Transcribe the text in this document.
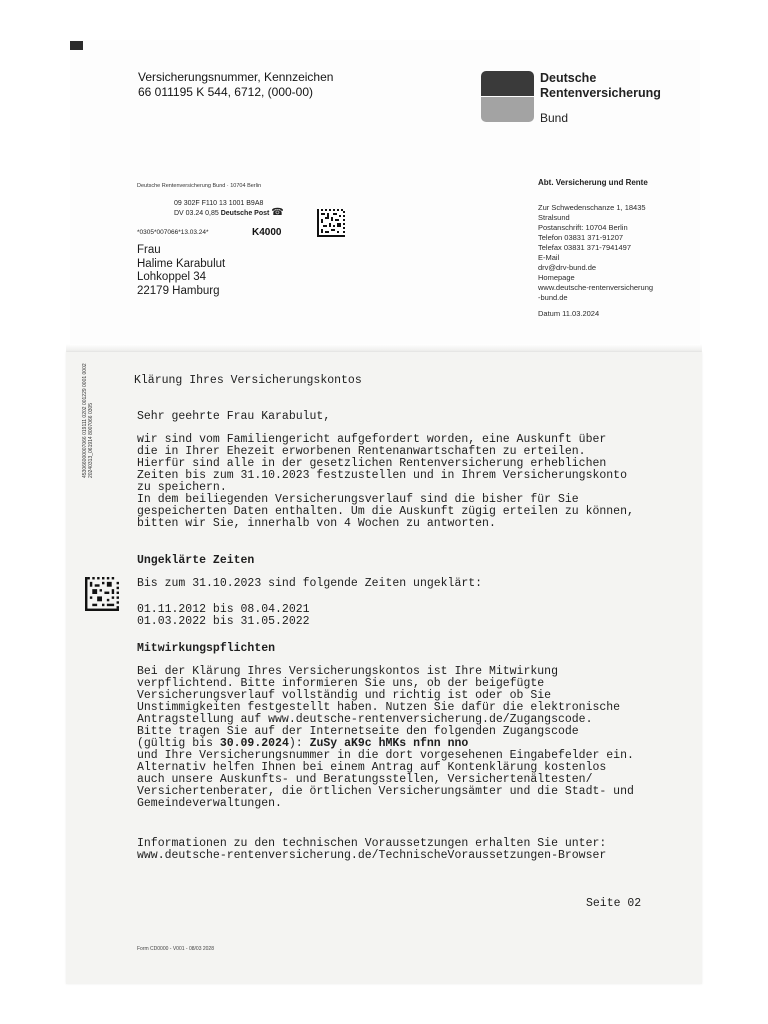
Versicherungsnummer, Kennzeichen
66 011195 K 544, 6712, (000-00)
Deutsche
Rentenversicherung
Bund
Deutsche Rentenversicherung Bund · 10704 Berlin
09 302F F110 13 1001 B9A8
DV 03.24 0,85 Deutsche Post ☎
*0305*007066*13.03.24*	K4000
Frau
Halime Karabulut
Lohkoppel 34
22179 Hamburg
Abt. Versicherung und Rente
Zur Schwedenschanze 1, 18435
Stralsund
Postanschrift: 10704 Berlin
Telefon 03831 371-91207
Telefax 03831 371-7941497
E-Mail
drv@drv-bund.de
Homepage
www.deutsche-rentenversicherung
-bund.de
Datum 11.03.2024
453066000007066 019111 0202 001229 0001 0002 20240313_061914 8007066 0305
Klärung Ihres Versicherungskontos
Sehr geehrte Frau Karabulut,
wir sind vom Familiengericht aufgefordert worden, eine Auskunft über
die in Ihrer Ehezeit erworbenen Rentenanwartschaften zu erteilen.
Hierfür sind alle in der gesetzlichen Rentenversicherung erheblichen
Zeiten bis zum 31.10.2023 festzustellen und in Ihrem Versicherungskonto
zu speichern.
In dem beiliegenden Versicherungsverlauf sind die bisher für Sie
gespeicherten Daten enthalten. Um die Auskunft zügig erteilen zu können,
bitten wir Sie, innerhalb von 4 Wochen zu antworten.
Ungeklärte Zeiten
Bis zum 31.10.2023 sind folgende Zeiten ungeklärt:
01.11.2012 bis 08.04.2021
01.03.2022 bis 31.05.2022
Mitwirkungspflichten
Bei der Klärung Ihres Versicherungskontos ist Ihre Mitwirkung
verpflichtend. Bitte informieren Sie uns, ob der beigefügte
Versicherungsverlauf vollständig und richtig ist oder ob Sie
Unstimmigkeiten festgestellt haben. Nutzen Sie dafür die elektronische
Antragstellung auf www.deutsche-rentenversicherung.de/Zugangscode.
Bitte tragen Sie auf der Internetseite den folgenden Zugangscode
(gültig bis 30.09.2024): ZuSy aK9c hMKs nfnn nno
und Ihre Versicherungsnummer in die dort vorgesehenen Eingabefelder ein.
Alternativ helfen Ihnen bei einem Antrag auf Kontenklärung kostenlos
auch unsere Auskunfts- und Beratungsstellen, Versichertenältesten/
Versichertenberater, die örtlichen Versicherungsämter und die Stadt- und
Gemeindeverwaltungen.
Informationen zu den technischen Voraussetzungen erhalten Sie unter:
www.deutsche-rentenversicherung.de/TechnischeVoraussetzungen-Browser
Seite 02
Form CD0000 - V001 - 08/03 2028
